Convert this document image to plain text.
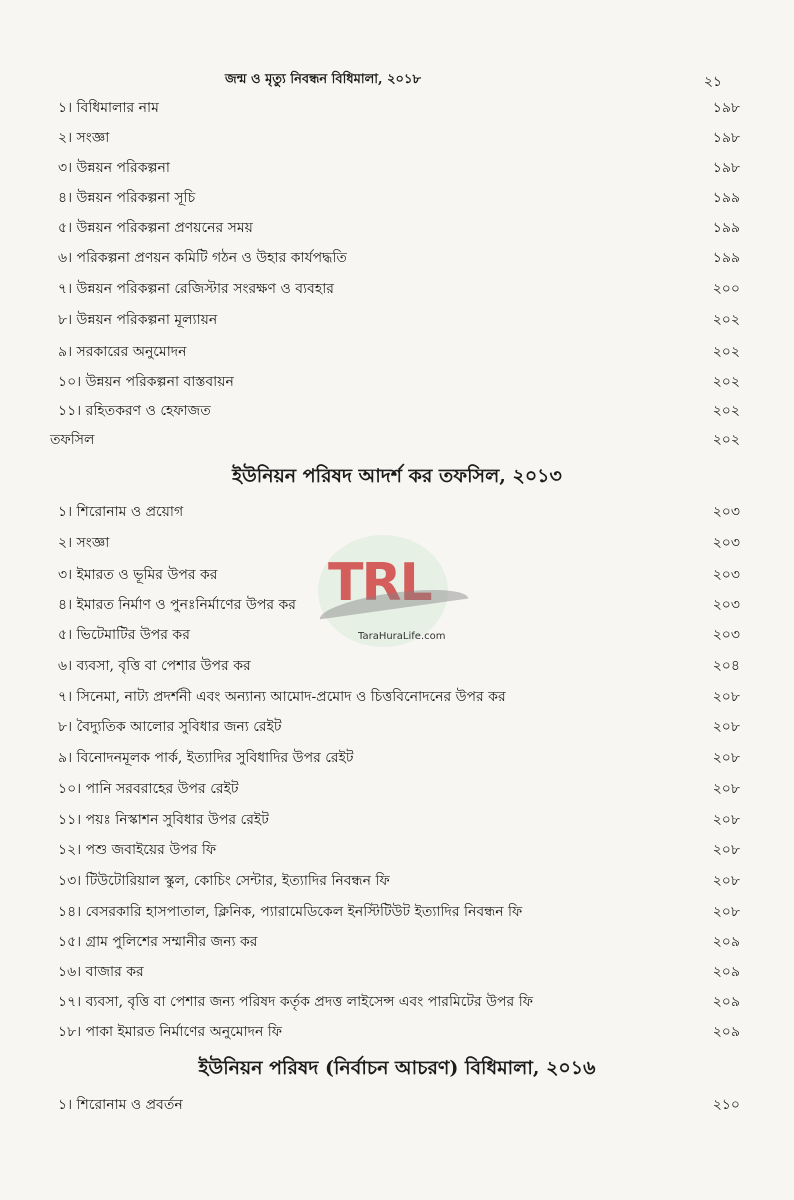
জন্ম ও মৃত্যু নিবন্ধন বিধিমালা, ২০১৮	২১
১। বিধিমালার নাম	১৯৮
২। সংজ্ঞা	১৯৮
৩। উন্নয়ন পরিকল্পনা	১৯৮
৪। উন্নয়ন পরিকল্পনা সূচি	১৯৯
৫। উন্নয়ন পরিকল্পনা প্রণয়নের সময়	১৯৯
৬। পরিকল্পনা প্রণয়ন কমিটি গঠন ও উহার কার্যপদ্ধতি	১৯৯
৭। উন্নয়ন পরিকল্পনা রেজিস্টার সংরক্ষণ ও ব্যবহার	২০০
৮। উন্নয়ন পরিকল্পনা মূল্যায়ন	২০২
৯। সরকারের অনুমোদন	২০২
১০। উন্নয়ন পরিকল্পনা বাস্তবায়ন	২০২
১১। রহিতকরণ ও হেফাজত	২০২
তফসিল	২০২
ইউনিয়ন পরিষদ আদর্শ কর তফসিল, ২০১৩
১। শিরোনাম ও প্রয়োগ	২০৩
২। সংজ্ঞা	২০৩
৩। ইমারত ও ভূমির উপর কর	২০৩
৪। ইমারত নির্মাণ ও পুনঃনির্মাণের উপর কর	২০৩
৫। ভিটেমাটির উপর কর	২০৩
৬। ব্যবসা, বৃত্তি বা পেশার উপর কর	২০৪
৭। সিনেমা, নাট্য প্রদর্শনী এবং অন্যান্য আমোদ-প্রমোদ ও চিত্তবিনোদনের উপর কর	২০৮
৮। বৈদ্যুতিক আলোর সুবিধার জন্য রেইট	২০৮
৯। বিনোদনমূলক পার্ক, ইত্যাদির সুবিধাদির উপর রেইট	২০৮
১০। পানি সরবরাহের উপর রেইট	২০৮
১১। পয়ঃ নিস্কাশন সুবিধার উপর রেইট	২০৮
১২। পশু জবাইয়ের উপর ফি	২০৮
১৩। টিউটোরিয়াল স্কুল, কোচিং সেন্টার, ইত্যাদির নিবন্ধন ফি	২০৮
১৪। বেসরকারি হাসপাতাল, ক্লিনিক, প্যারামেডিকেল ইনস্টিটিউট ইত্যাদির নিবন্ধন ফি	২০৮
১৫। গ্রাম পুলিশের সম্মানীর জন্য কর	২০৯
১৬। বাজার কর	২০৯
১৭। ব্যবসা, বৃত্তি বা পেশার জন্য পরিষদ কর্তৃক প্রদত্ত লাইসেন্স এবং পারমিটের উপর ফি	২০৯
১৮। পাকা ইমারত নির্মাণের অনুমোদন ফি	২০৯
ইউনিয়ন পরিষদ (নির্বাচন আচরণ) বিধিমালা, ২০১৬
১। শিরোনাম ও প্রবর্তন	২১০
TRL
TaraHuraLife.com
